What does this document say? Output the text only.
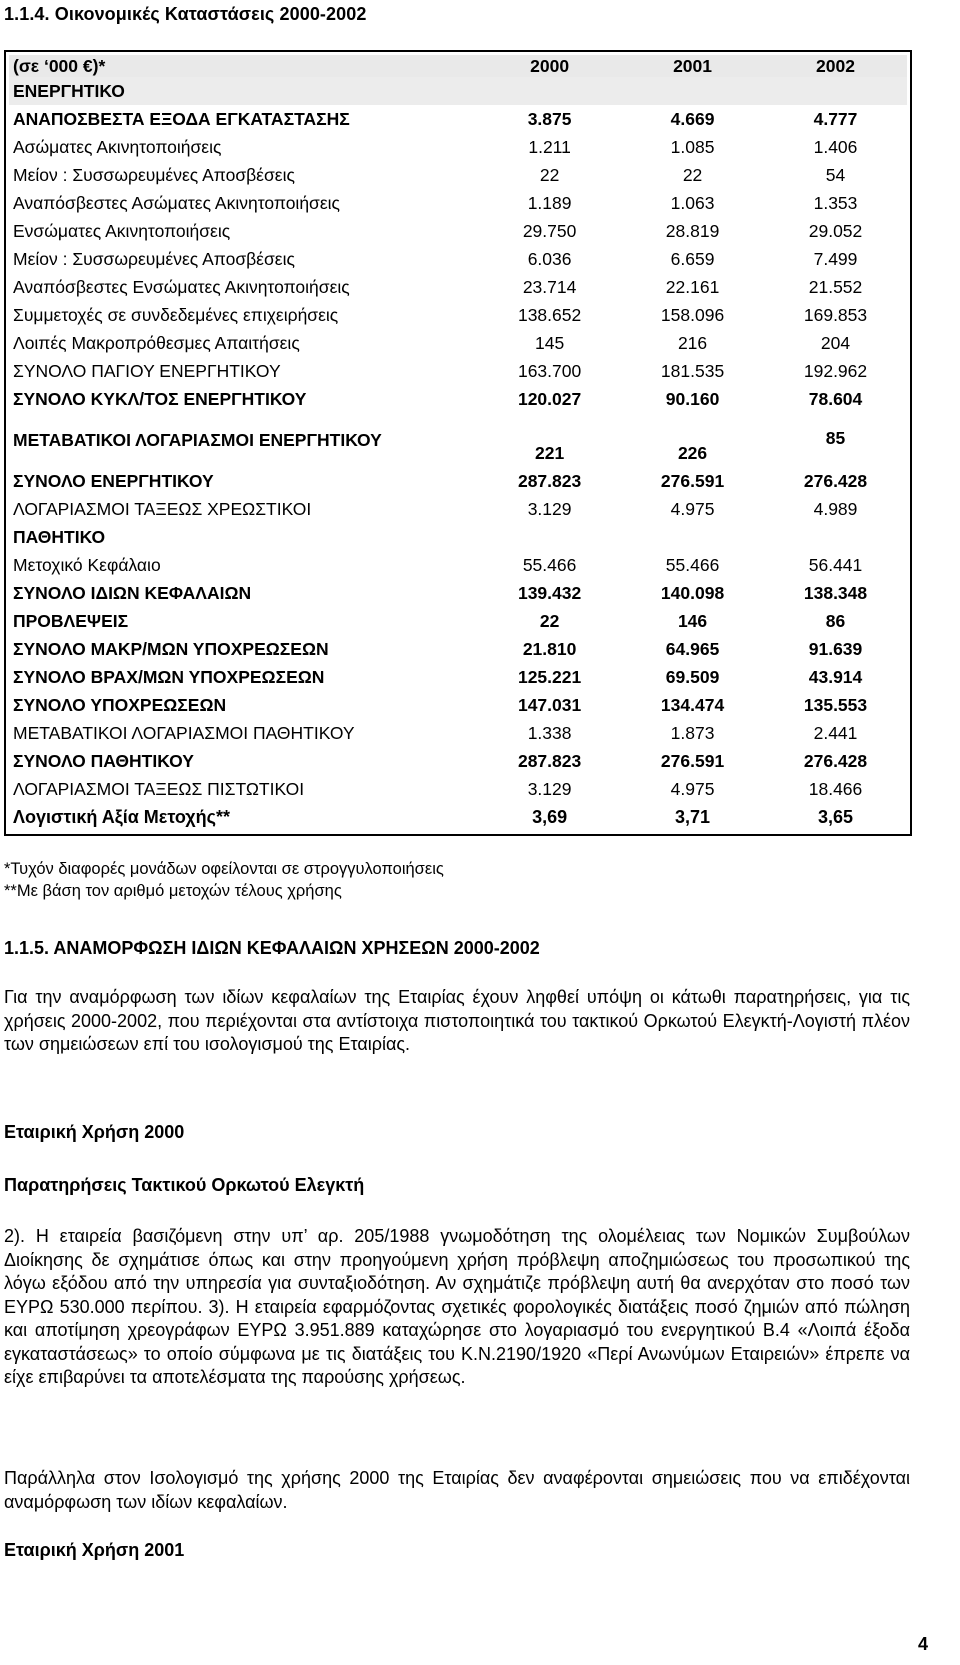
1.1.4. Οικονομικές Καταστάσεις 2000-2002
(σε ‘000 €)*	2000	2001	2002
ΕΝΕΡΓΗΤΙΚΟ			
ΑΝΑΠΟΣΒΕΣΤΑ ΕΞΟΔΑ ΕΓΚΑΤΑΣΤΑΣΗΣ	3.875	4.669	4.777
Ασώματες Ακινητοποιήσεις	1.211	1.085	1.406
Μείον : Συσσωρευμένες Αποσβέσεις	22	22	54
Αναπόσβεστες Ασώματες Ακινητοποιήσεις	1.189	1.063	1.353
Ενσώματες Ακινητοποιήσεις	29.750	28.819	29.052
Μείον : Συσσωρευμένες Αποσβέσεις	6.036	6.659	7.499
Αναπόσβεστες Ενσώματες Ακινητοποιήσεις	23.714	22.161	21.552
Συμμετοχές σε συνδεδεμένες επιχειρήσεις	138.652	158.096	169.853
Λοιπές Μακροπρόθεσμες Απαιτήσεις	145	216	204
ΣΥΝΟΛΟ ΠΑΓΙΟΥ ΕΝΕΡΓΗΤΙΚΟΥ	163.700	181.535	192.962
ΣΥΝΟΛΟ ΚΥΚΛ/ΤΟΣ ΕΝΕΡΓΗΤΙΚΟΥ	120.027	90.160	78.604
ΜΕΤΑΒΑΤΙΚΟΙ ΛΟΓΑΡΙΑΣΜΟΙ ΕΝΕΡΓΗΤΙΚΟΥ	221	226	85
ΣΥΝΟΛΟ ΕΝΕΡΓΗΤΙΚΟΥ	287.823	276.591	276.428
ΛΟΓΑΡΙΑΣΜΟΙ ΤΑΞΕΩΣ ΧΡΕΩΣΤΙΚΟΙ	3.129	4.975	4.989
ΠΑΘΗΤΙΚΟ			
Μετοχικό Κεφάλαιο	55.466	55.466	56.441
ΣΥΝΟΛΟ ΙΔΙΩΝ ΚΕΦΑΛΑΙΩΝ	139.432	140.098	138.348
ΠΡΟΒΛΕΨΕΙΣ	22	146	86
ΣΥΝΟΛΟ ΜΑΚΡ/ΜΩΝ ΥΠΟΧΡΕΩΣΕΩΝ	21.810	64.965	91.639
ΣΥΝΟΛΟ ΒΡΑΧ/ΜΩΝ ΥΠΟΧΡΕΩΣΕΩΝ	125.221	69.509	43.914
ΣΥΝΟΛΟ ΥΠΟΧΡΕΩΣΕΩΝ	147.031	134.474	135.553
ΜΕΤΑΒΑΤΙΚΟΙ ΛΟΓΑΡΙΑΣΜΟΙ ΠΑΘΗΤΙΚΟΥ	1.338	1.873	2.441
ΣΥΝΟΛΟ ΠΑΘΗΤΙΚΟΥ	287.823	276.591	276.428
ΛΟΓΑΡΙΑΣΜΟΙ ΤΑΞΕΩΣ ΠΙΣΤΩΤΙΚΟΙ	3.129	4.975	18.466
Λογιστική Αξία Μετοχής**	3,69	3,71	3,65
*Τυχόν διαφορές μονάδων οφείλονται σε στρογγυλοποιήσεις
**Με βάση τον αριθμό μετοχών τέλους χρήσης
1.1.5. ΑΝΑΜΟΡΦΩΣΗ ΙΔΙΩΝ ΚΕΦΑΛΑΙΩΝ ΧΡΗΣΕΩΝ 2000-2002

Για την αναμόρφωση των ιδίων κεφαλαίων της Εταιρίας έχουν ληφθεί υπόψη οι κάτωθι παρατηρήσεις, για τις χρήσεις 2000-2002, που περιέχονται στα αντίστοιχα πιστοποιητικά του τακτικού Ορκωτού Ελεγκτή-Λογιστή πλέον των σημειώσεων επί του ισολογισμού της Εταιρίας.

Εταιρική Χρήση 2000
Παρατηρήσεις Τακτικού Ορκωτού Ελεγκτή

2). Η εταιρεία βασιζόμενη στην υπ’ αρ. 205/1988 γνωμοδότηση της ολομέλειας των Νομικών Συμβούλων Διοίκησης δε σχημάτισε όπως και στην προηγούμενη χρήση πρόβλεψη αποζημιώσεως του προσωπικού της λόγω εξόδου από την υπηρεσία για συνταξιοδότηση. Αν σχημάτιζε πρόβλεψη αυτή θα ανερχόταν στο ποσό των ΕΥΡΩ 530.000 περίπου. 3). Η εταιρεία εφαρμόζοντας σχετικές φορολογικές διατάξεις ποσό ζημιών από πώληση και αποτίμηση χρεογράφων ΕΥΡΩ 3.951.889 καταχώρησε στο λογαριασμό του ενεργητικού Β.4 «Λοιπά έξοδα εγκαταστάσεως» το οποίο σύμφωνα με τις διατάξεις του Κ.Ν.2190/1920 «Περί Ανωνύμων Εταιρειών» έπρεπε να είχε επιβαρύνει τα αποτελέσματα της παρούσης χρήσεως.

Παράλληλα στον Ισολογισμό της χρήσης 2000 της Εταιρίας δεν αναφέρονται σημειώσεις που να επιδέχονται αναμόρφωση των ιδίων κεφαλαίων.

Εταιρική Χρήση 2001
4
